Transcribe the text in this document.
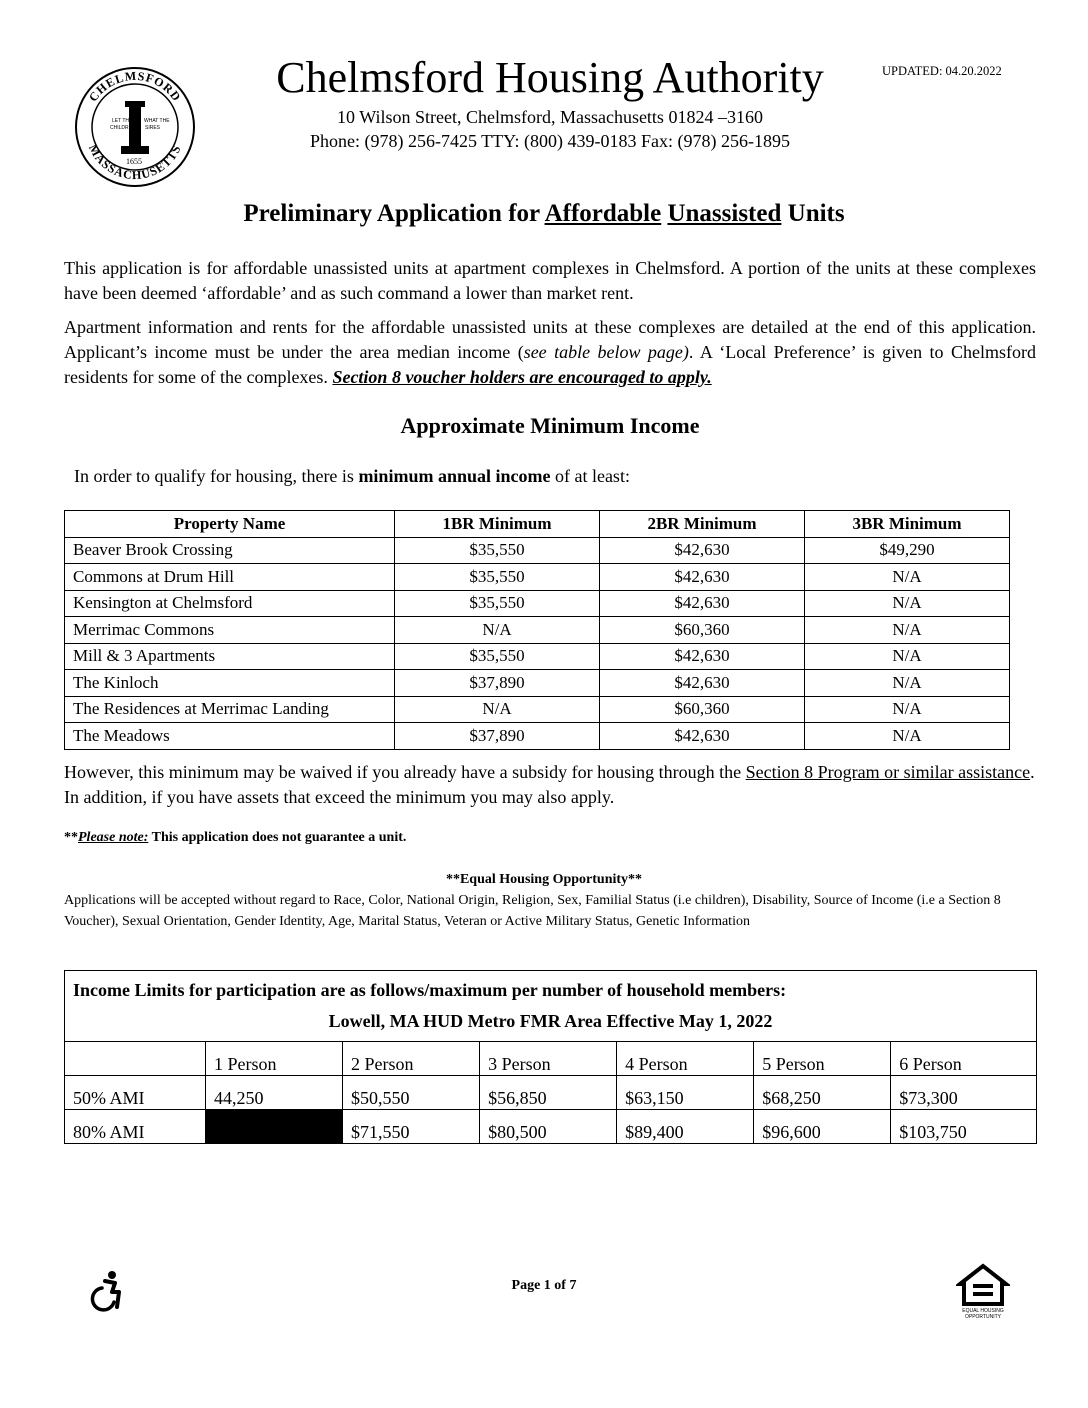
CHELMSFORD
MASSACHUSETTS
LET THE
CHILDREN
WHAT THE
SIRES
1655
Chelmsford Housing Authority
10 Wilson Street, Chelmsford, Massachusetts 01824 –3160
Phone: (978) 256-7425 TTY: (800) 439-0183 Fax: (978) 256-1895
UPDATED: 04.20.2022
Preliminary Application for Affordable Unassisted Units
This application is for affordable unassisted units at apartment complexes in Chelmsford. A portion of the units at these complexes have been deemed ‘affordable’ and as such command a lower than market rent.
Apartment information and rents for the affordable unassisted units at these complexes are detailed at the end of this application. Applicant’s income must be under the area median income (see table below page). A ‘Local Preference’ is given to Chelmsford residents for some of the complexes. Section 8 voucher holders are encouraged to apply.
Approximate Minimum Income
In order to qualify for housing, there is minimum annual income of at least:
Property Name	1BR Minimum	2BR Minimum	3BR Minimum
Beaver Brook Crossing	$35,550	$42,630	$49,290
Commons at Drum Hill	$35,550	$42,630	N/A
Kensington at Chelmsford	$35,550	$42,630	N/A
Merrimac Commons	N/A	$60,360	N/A
Mill & 3 Apartments	$35,550	$42,630	N/A
The Kinloch	$37,890	$42,630	N/A
The Residences at Merrimac Landing	N/A	$60,360	N/A
The Meadows	$37,890	$42,630	N/A
However, this minimum may be waived if you already have a subsidy for housing through the Section 8 Program or similar assistance. In addition, if you have assets that exceed the minimum you may also apply.
**Please note: This application does not guarantee a unit.
**Equal Housing Opportunity**
Applications will be accepted without regard to Race, Color, National Origin, Religion, Sex, Familial Status (i.e children), Disability, Source of Income (i.e a Section 8 Voucher), Sexual Orientation, Gender Identity, Age, Marital Status, Veteran or Active Military Status, Genetic Information
Income Limits for participation are as follows/maximum per number of household members:
Lowell, MA HUD Metro FMR Area Effective May 1, 2022						

	1 Person	2 Person	3 Person	4 Person	5 Person	6 Person
50% AMI	44,250	$50,550	$56,850	$63,150	$68,250	$73,300
80% AMI		$71,550	$80,500	$89,400	$96,600	$103,750
Page 1 of 7
EQUAL HOUSING
OPPORTUNITY
